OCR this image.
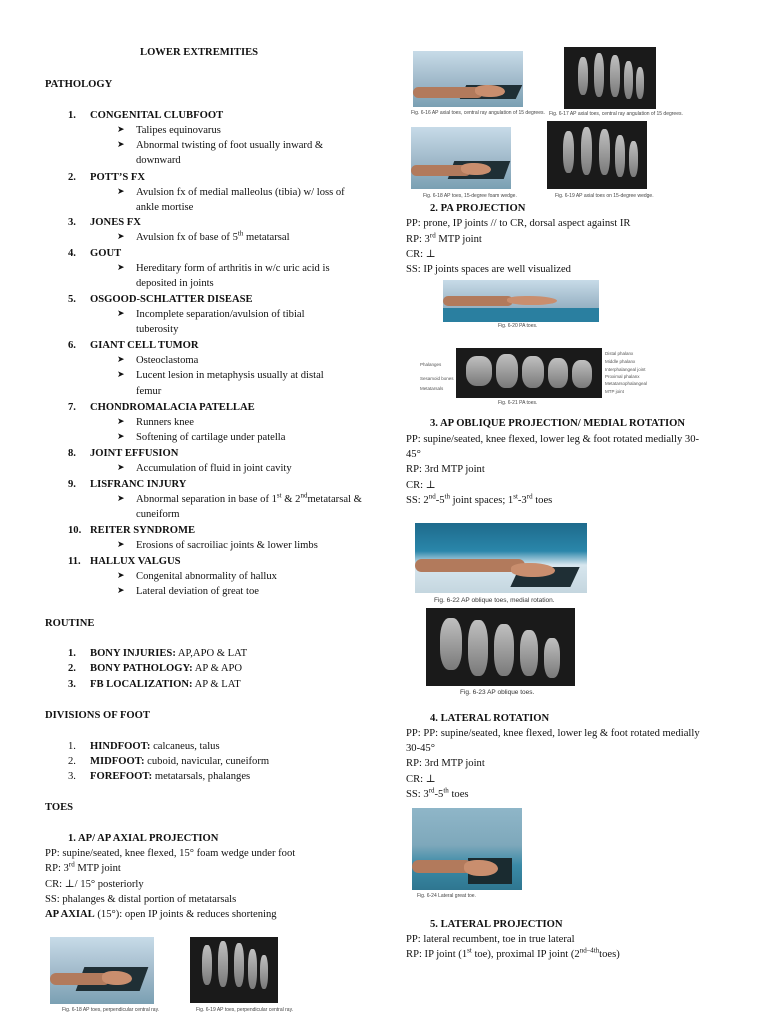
LOWER EXTREMITIES
PATHOLOGY
1. CONGENITAL CLUBFOOT
➤ Talipes equinovarus
➤ Abnormal twisting of foot usually inward &
downward
2. POTT’S FX
➤ Avulsion fx of medial malleolus (tibia) w/ loss of
ankle mortise
3. JONES FX
➤ Avulsion fx of base of 5th metatarsal
4. GOUT
➤ Hereditary form of arthritis in w/c uric acid is
deposited in joints
5. OSGOOD-SCHLATTER DISEASE
➤ Incomplete separation/avulsion of tibial
tuberosity
6. GIANT CELL TUMOR
➤ Osteoclastoma
➤ Lucent lesion in metaphysis usually at distal
femur
7. CHONDROMALACIA PATELLAE
➤ Runners knee
➤ Softening of cartilage under patella
8. JOINT EFFUSION
➤ Accumulation of fluid in joint cavity
9. LISFRANC INJURY
➤ Abnormal separation in base of 1st & 2ndmetatarsal & cuneiform
10. REITER SYNDROME
➤ Erosions of sacroiliac joints & lower limbs
11. HALLUX VALGUS
➤ Congenital abnormality of hallux
➤ Lateral deviation of great toe
ROUTINE
1. BONY INJURIES: AP,APO & LAT
2. BONY PATHOLOGY: AP & APO
3. FB LOCALIZATION: AP & LAT
DIVISIONS OF FOOT
1. HINDFOOT: calcaneus, talus
2. MIDFOOT: cuboid, navicular, cuneiform
3. FOREFOOT: metatarsals, phalanges
TOES
1. AP/ AP AXIAL PROJECTION
PP: supine/seated, knee flexed, 15° foam wedge under foot
RP: 3rd MTP joint
CR: ⊥/ 15° posteriorly
SS: phalanges & distal portion of metatarsals
AP AXIAL (15°): open IP joints & reduces shortening
Fig. 6-18 AP toes, perpendicular central ray.	Fig. 6-19 AP toes, perpendicular central ray.
Fig. 6-16 AP axial toes, central ray angulation of 15 degrees. Fig. 6-17 AP axial toes, central ray angulation of 15 degrees.
Fig. 6-18 AP toes, 15-degree foam wedge.	Fig. 6-19 AP axial toes on 15-degree wedge.
2. PA PROJECTION
PP: prone, IP joints // to CR, dorsal aspect against IR
RP: 3rd MTP joint
CR: ⊥
SS: IP joints spaces are well visualized
Fig. 6-20 PA toes.
Phalanges
Sesamoid bones
Metatarsals
Distal phalanx
Middle phalanx
Interphalangeal joint
Proximal phalanx
Metatarsophalangeal
MTP joint
Fig. 6-21 PA toes.
3. AP OBLIQUE PROJECTION/ MEDIAL ROTATION
PP: supine/seated, knee flexed, lower leg & foot rotated medially 30-
45°
RP: 3rd MTP joint
CR: ⊥
SS: 2nd-5th joint spaces; 1st-3rd toes
Fig. 6-22 AP oblique toes, medial rotation.
Fig. 6-23 AP oblique toes.
4. LATERAL ROTATION
PP: PP: supine/seated, knee flexed, lower leg & foot rotated medially
30-45°
RP: 3rd MTP joint
CR: ⊥
SS: 3rd-5th toes
Fig. 6-24 Lateral great toe.
5. LATERAL PROJECTION
PP: lateral recumbent, toe in true lateral
RP: IP joint (1st toe), proximal IP joint $(2^{nd-4th}toes)$
